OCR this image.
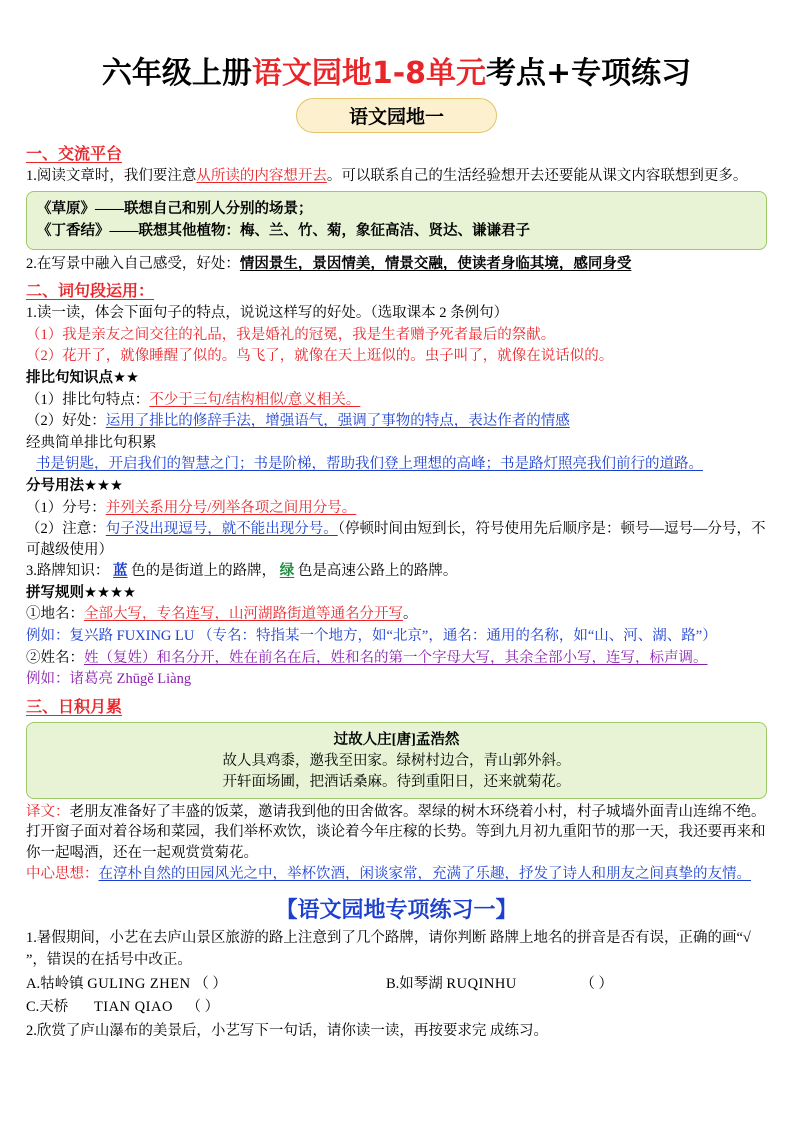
六年级上册语文园地1-8单元考点+专项练习
语文园地一
一、交流平台
1.阅读文章时，我们要注意从所读的内容想开去。可以联系自己的生活经验想开去还要能从课文内容联想到更多。
《草原》——联想自己和别人分别的场景；
《丁香结》——联想其他植物：梅、兰、竹、菊，象征高洁、贤达、谦谦君子
2.在写景中融入自己感受，好处：情因景生，景因情美，情景交融，使读者身临其境，感同身受
二、词句段运用：
1.读一读，体会下面句子的特点，说说这样写的好处。（选取课本 2 条例句）
（1）我是亲友之间交往的礼品，我是婚礼的冠冕，我是生者赠予死者最后的祭献。
（2）花开了，就像睡醒了似的。鸟飞了，就像在天上逛似的。虫子叫了，就像在说话似的。
排比句知识点★★
（1）排比句特点：不少于三句/结构相似/意义相关。
（2）好处：运用了排比的修辞手法，增强语气，强调了事物的特点，表达作者的情感
经典简单排比句积累
书是钥匙，开启我们的智慧之门；书是阶梯，帮助我们登上理想的高峰；书是路灯照亮我们前行的道路。
分号用法★★★
（1）分号：并列关系用分号/列举各项之间用分号。
（2）注意：句子没出现逗号，就不能出现分号。（停顿时间由短到长，符号使用先后顺序是：顿号—逗号—分号，不可越级使用）
3.路牌知识： 蓝 色的是街道上的路牌， 绿 色是高速公路上的路牌。
拼写规则★★★★
①地名：全部大写，专名连写，山河湖路街道等通名分开写。
例如：复兴路 FUXING LU （专名：特指某一个地方，如“北京”，通名：通用的名称，如“山、河、湖、路”）
②姓名：姓（复姓）和名分开，姓在前名在后，姓和名的第一个字母大写，其余全部小写，连写，标声调。
例如：诸葛亮 Zhūgě Liàng
三、日积月累
过故人庄[唐]孟浩然
故人具鸡黍，邀我至田家。绿树村边合，青山郭外斜。
开轩面场圃，把酒话桑麻。待到重阳日，还来就菊花。
译文：老朋友准备好了丰盛的饭菜，邀请我到他的田舍做客。翠绿的树木环绕着小村，村子城墙外面青山连绵不绝。打开窗子面对着谷场和菜园，我们举杯欢饮，谈论着今年庄稼的长势。等到九月初九重阳节的那一天，我还要再来和你一起喝酒，还在一起观赏赏菊花。
中心思想：在淳朴自然的田园风光之中，举杯饮酒，闲谈家常，充满了乐趣，抒发了诗人和朋友之间真挚的友情。
【语文园地专项练习一】
1.暑假期间，小艺在去庐山景区旅游的路上注意到了几个路牌，请你判断 路牌上地名的拼音是否有误，正确的画“√ ”，错误的在括号中改正。
A.牯岭镇 GULING ZHEN （ ）	B.如琴湖 RUQINHU	（ ）
C.天桥 TIAN QIAO （ ）
2.欣赏了庐山瀑布的美景后，小艺写下一句话，请你读一读，再按要求完 成练习。
